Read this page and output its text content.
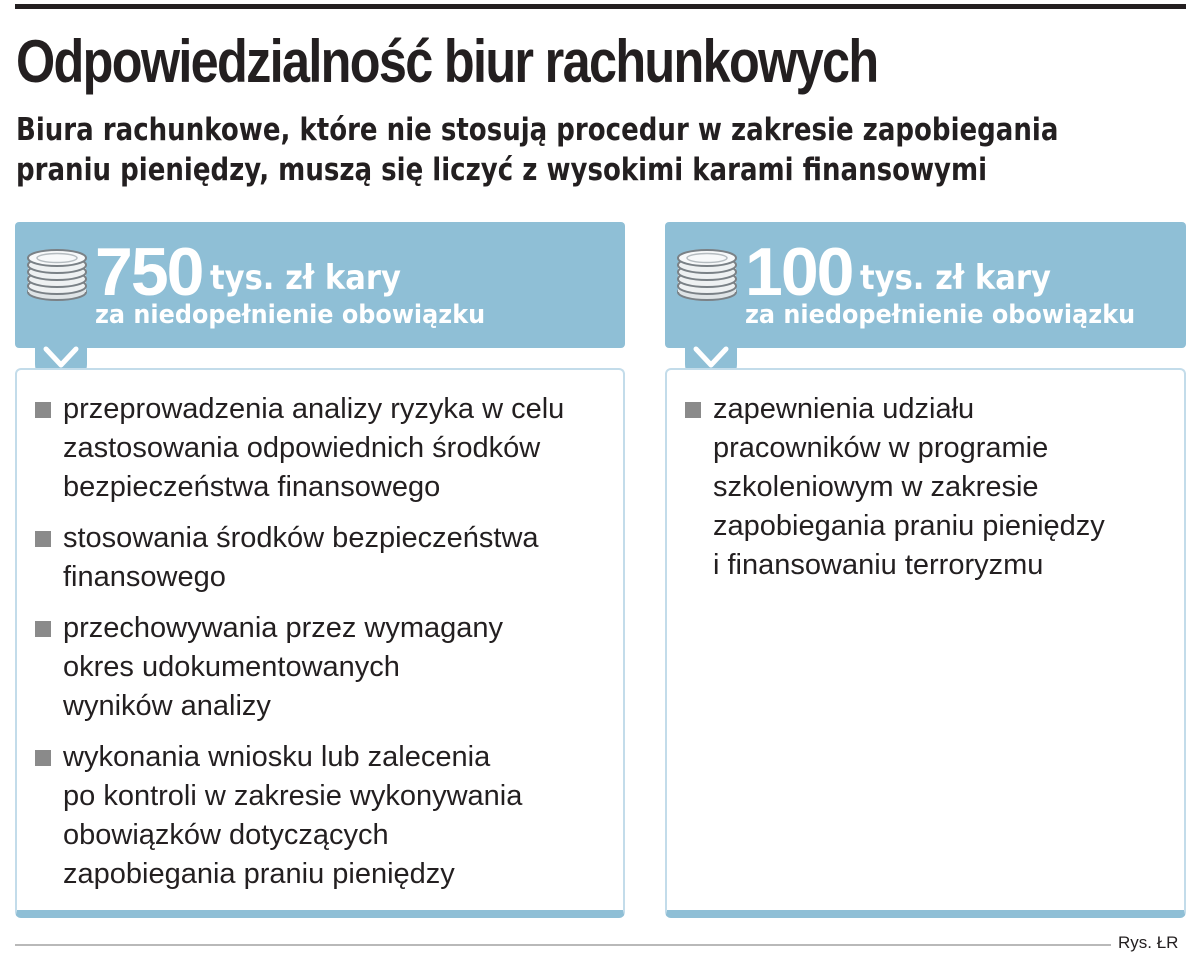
Odpowiedzialność biur rachunkowych

Biura rachunkowe, które nie stosują procedur w zakresie zapobiegania praniu pieniędzy, muszą się liczyć z wysokimi karami finansowymi

750 tys. zł kary
za niedopełnienie obowiązku
przeprowadzenia analizy ryzyka w celu
zastosowania odpowiednich środków
bezpieczeństwa finansowego
stosowania środków bezpieczeństwa
finansowego
przechowywania przez wymagany
okres udokumentowanych
wyników analizy
wykonania wniosku lub zalecenia
po kontroli w zakresie wykonywania
obowiązków dotyczących
zapobiegania praniu pieniędzy
100 tys. zł kary
za niedopełnienie obowiązku
zapewnienia udziału
pracowników w programie
szkoleniowym w zakresie
zapobiegania praniu pieniędzy
i finansowaniu terroryzmu
Rys. ŁR
